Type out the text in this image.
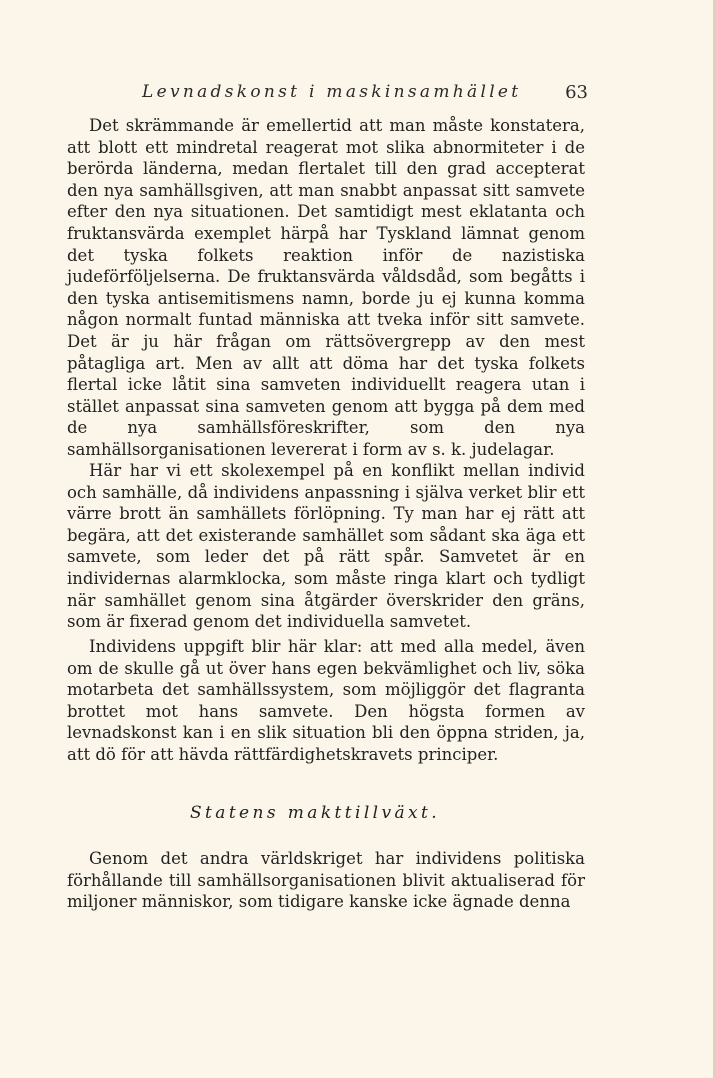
Levnadskonst i maskinsamhället 63

Det skrämmande är emellertid att man måste konstatera, att blott ett mindretal reagerat mot slika abnormiteter i de berörda länderna, medan flertalet till den grad accepterat den nya samhällsgiven, att man snabbt anpassat sitt samvete efter den nya situationen. Det samtidigt mest eklatanta och fruktansvärda exemplet härpå har Tyskland lämnat genom det tyska folkets reaktion inför de nazistiska judeförföljelserna. De fruktansvärda våldsdåd, som begåtts i den tyska antisemitismens namn, borde ju ej kunna komma någon normalt funtad människa att tveka inför sitt samvete. Det är ju här frågan om rättsövergrepp av den mest påtagliga art. Men av allt att döma har det tyska folkets flertal icke låtit sina samveten individuellt reagera utan i stället anpassat sina samveten genom att bygga på dem med de nya samhällsföreskrifter, som den nya samhällsorganisationen levererat i form av s. k. judelagar.

Här har vi ett skolexempel på en konflikt mellan individ och samhälle, då individens anpassning i själva verket blir ett värre brott än samhällets förlöpning. Ty man har ej rätt att begära, att det existerande samhället som sådant ska äga ett samvete, som leder det på rätt spår. Samvetet är en individernas alarmklocka, som måste ringa klart och tydligt när samhället genom sina åtgärder överskrider den gräns, som är fixerad genom det individuella samvetet.

Individens uppgift blir här klar: att med alla medel, även om de skulle gå ut över hans egen bekvämlighet och liv, söka motarbeta det samhällssystem, som möjliggör det flagranta brottet mot hans samvete. Den högsta formen av levnadskonst kan i en slik situation bli den öppna striden, ja, att dö för att hävda rättfärdighetskravets principer.

Statens makttillväxt.

Genom det andra världskriget har individens politiska förhållande till samhällsorganisationen blivit aktualiserad för miljoner människor, som tidigare kanske icke ägnade denna
